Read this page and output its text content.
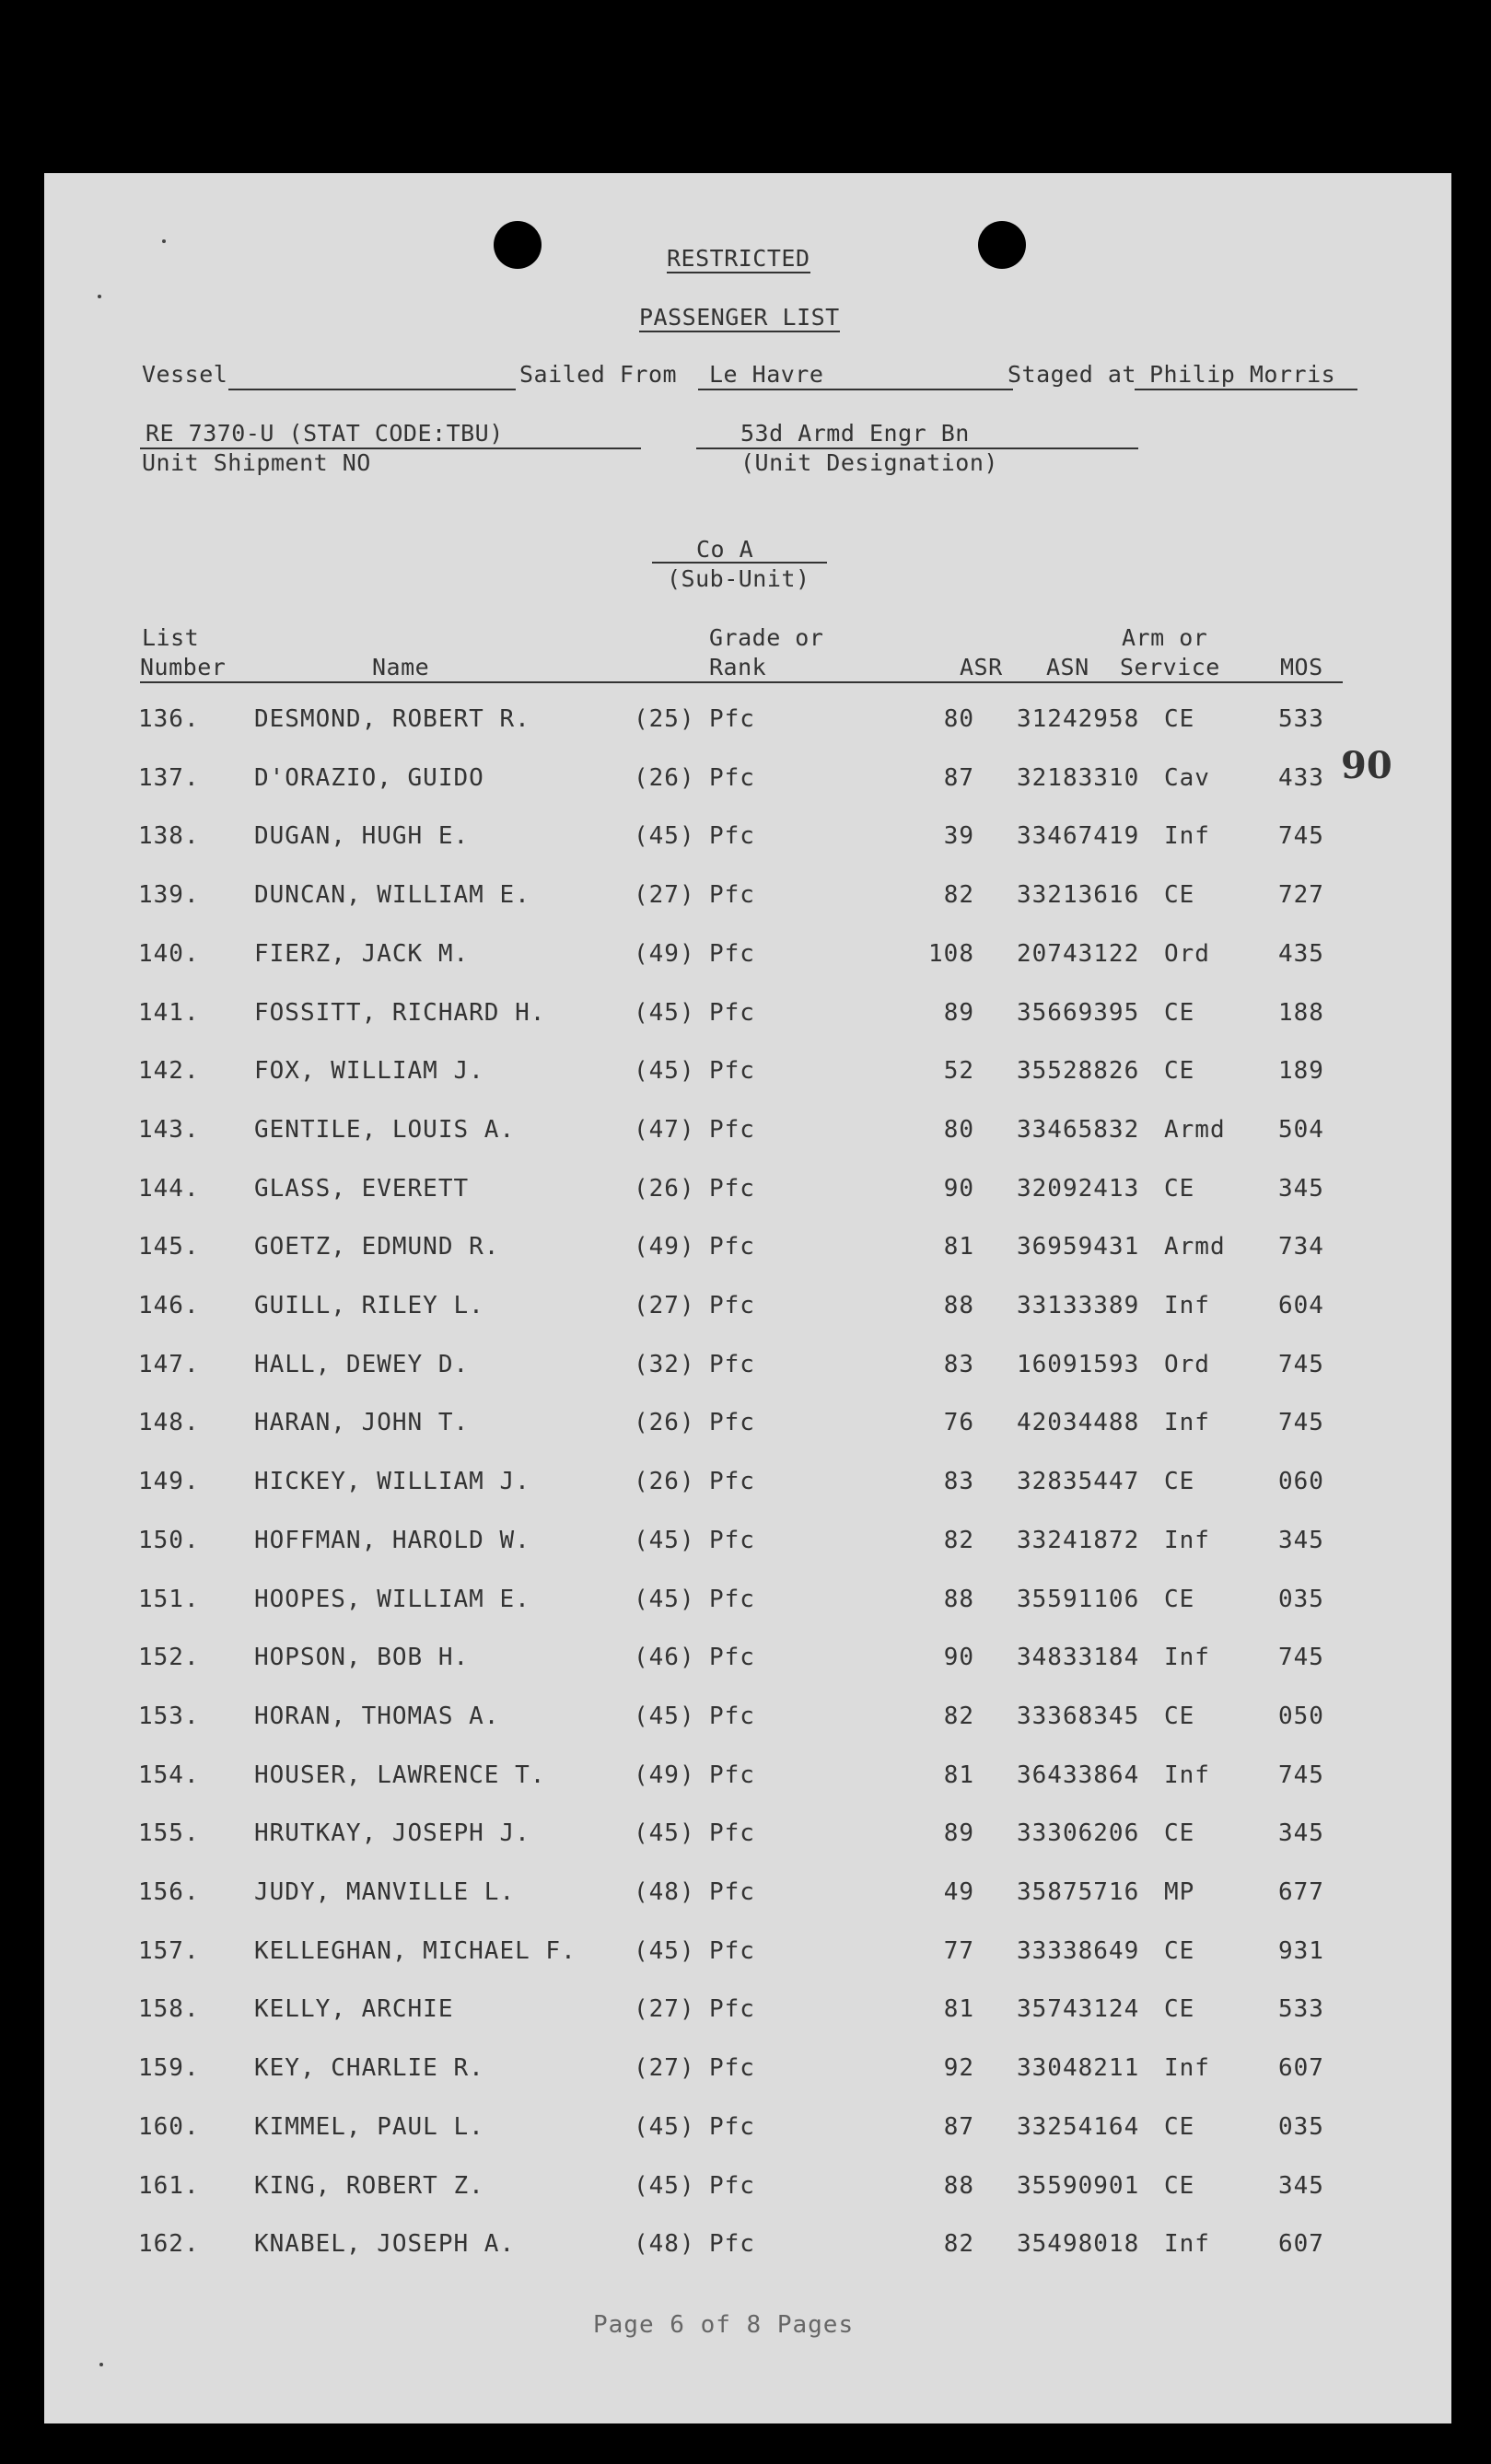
RESTRICTED
PASSENGER LIST
Vessel	Sailed From Le Havre	Staged at Philip Morris
RE 7370-U (STAT CODE:TBU)
Unit Shipment NO
53d Armd Engr Bn
(Unit Designation)
Co A
(Sub-Unit)
List
Number	Name
Grade or
Rank	ASR ASN
Arm or
Service	MOS
136. DESMOND, ROBERT R.	(25) Pfc	80 31242958 CE	533
137. D'ORAZIO, GUIDO	(26) Pfc	87 32183310 Cav	433
138. DUGAN, HUGH E.	(45) Pfc	39 33467419 Inf	745
139. DUNCAN, WILLIAM E.	(27) Pfc	82 33213616 CE	727
140. FIERZ, JACK M.	(49) Pfc	108 20743122 Ord	435
141. FOSSITT, RICHARD H.	(45) Pfc	89 35669395 CE	188
142. FOX, WILLIAM J.	(45) Pfc	52 35528826 CE	189
143. GENTILE, LOUIS A.	(47) Pfc	80 33465832 Armd 504
144. GLASS, EVERETT	(26) Pfc	90 32092413 CE	345
145. GOETZ, EDMUND R.	(49) Pfc	81 36959431 Armd 734
146. GUILL, RILEY L.	(27) Pfc	88 33133389 Inf	604
147. HALL, DEWEY D.	(32) Pfc	83 16091593 Ord	745
148. HARAN, JOHN T.	(26) Pfc	76 42034488 Inf	745
149. HICKEY, WILLIAM J.	(26) Pfc	83 32835447 CE	060
150. HOFFMAN, HAROLD W.	(45) Pfc	82 33241872 Inf	345
151. HOOPES, WILLIAM E.	(45) Pfc	88 35591106 CE	035
152. HOPSON, BOB H.	(46) Pfc	90 34833184 Inf	745
153. HORAN, THOMAS A.	(45) Pfc	82 33368345 CE	050
154. HOUSER, LAWRENCE T.	(49) Pfc	81 36433864 Inf	745
155. HRUTKAY, JOSEPH J.	(45) Pfc	89 33306206 CE	345
156. JUDY, MANVILLE L.	(48) Pfc	49 35875716 MP	677
157. KELLEGHAN, MICHAEL F. (45) Pfc	77 33338649 CE	931
158. KELLY, ARCHIE	(27) Pfc	81 35743124 CE	533
159. KEY, CHARLIE R.	(27) Pfc	92 33048211 Inf	607
160. KIMMEL, PAUL L.	(45) Pfc	87 33254164 CE	035
161. KING, ROBERT Z.	(45) Pfc	88 35590901 CE	345
162. KNABEL, JOSEPH A.	(48) Pfc	82 35498018 Inf	607
90
Page 6 of 8 Pages
